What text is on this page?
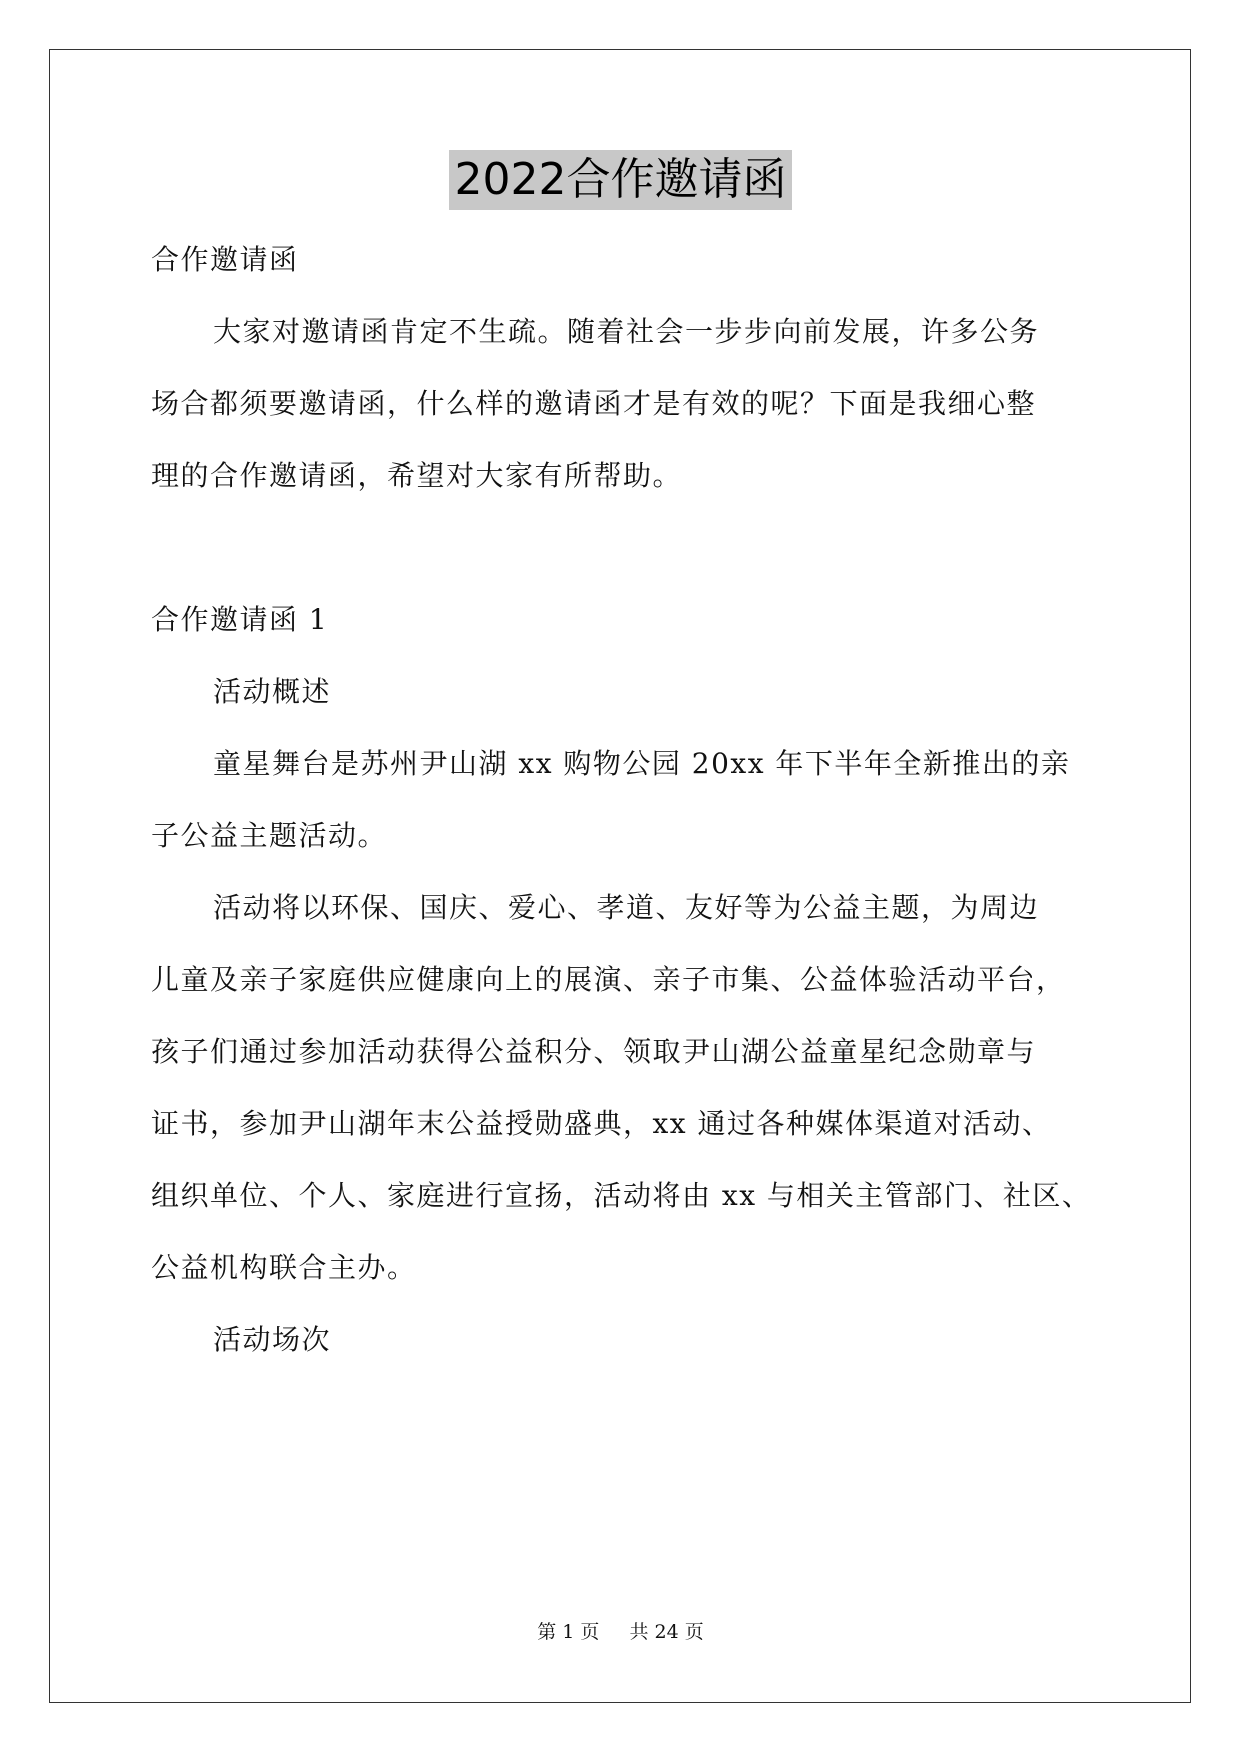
2022合作邀请函
合作邀请函
大家对邀请函肯定不生疏。随着社会一步步向前发展，许多公务
场合都须要邀请函，什么样的邀请函才是有效的呢？下面是我细心整
理的合作邀请函，希望对大家有所帮助。
合作邀请函 1
活动概述
童星舞台是苏州尹山湖 xx 购物公园 20xx 年下半年全新推出的亲
子公益主题活动。
活动将以环保、国庆、爱心、孝道、友好等为公益主题，为周边
儿童及亲子家庭供应健康向上的展演、亲子市集、公益体验活动平台，
孩子们通过参加活动获得公益积分、领取尹山湖公益童星纪念勋章与
证书，参加尹山湖年末公益授勋盛典，xx 通过各种媒体渠道对活动、
组织单位、个人、家庭进行宣扬，活动将由 xx 与相关主管部门、社区、
公益机构联合主办。
活动场次
第 1 页 共 24 页
